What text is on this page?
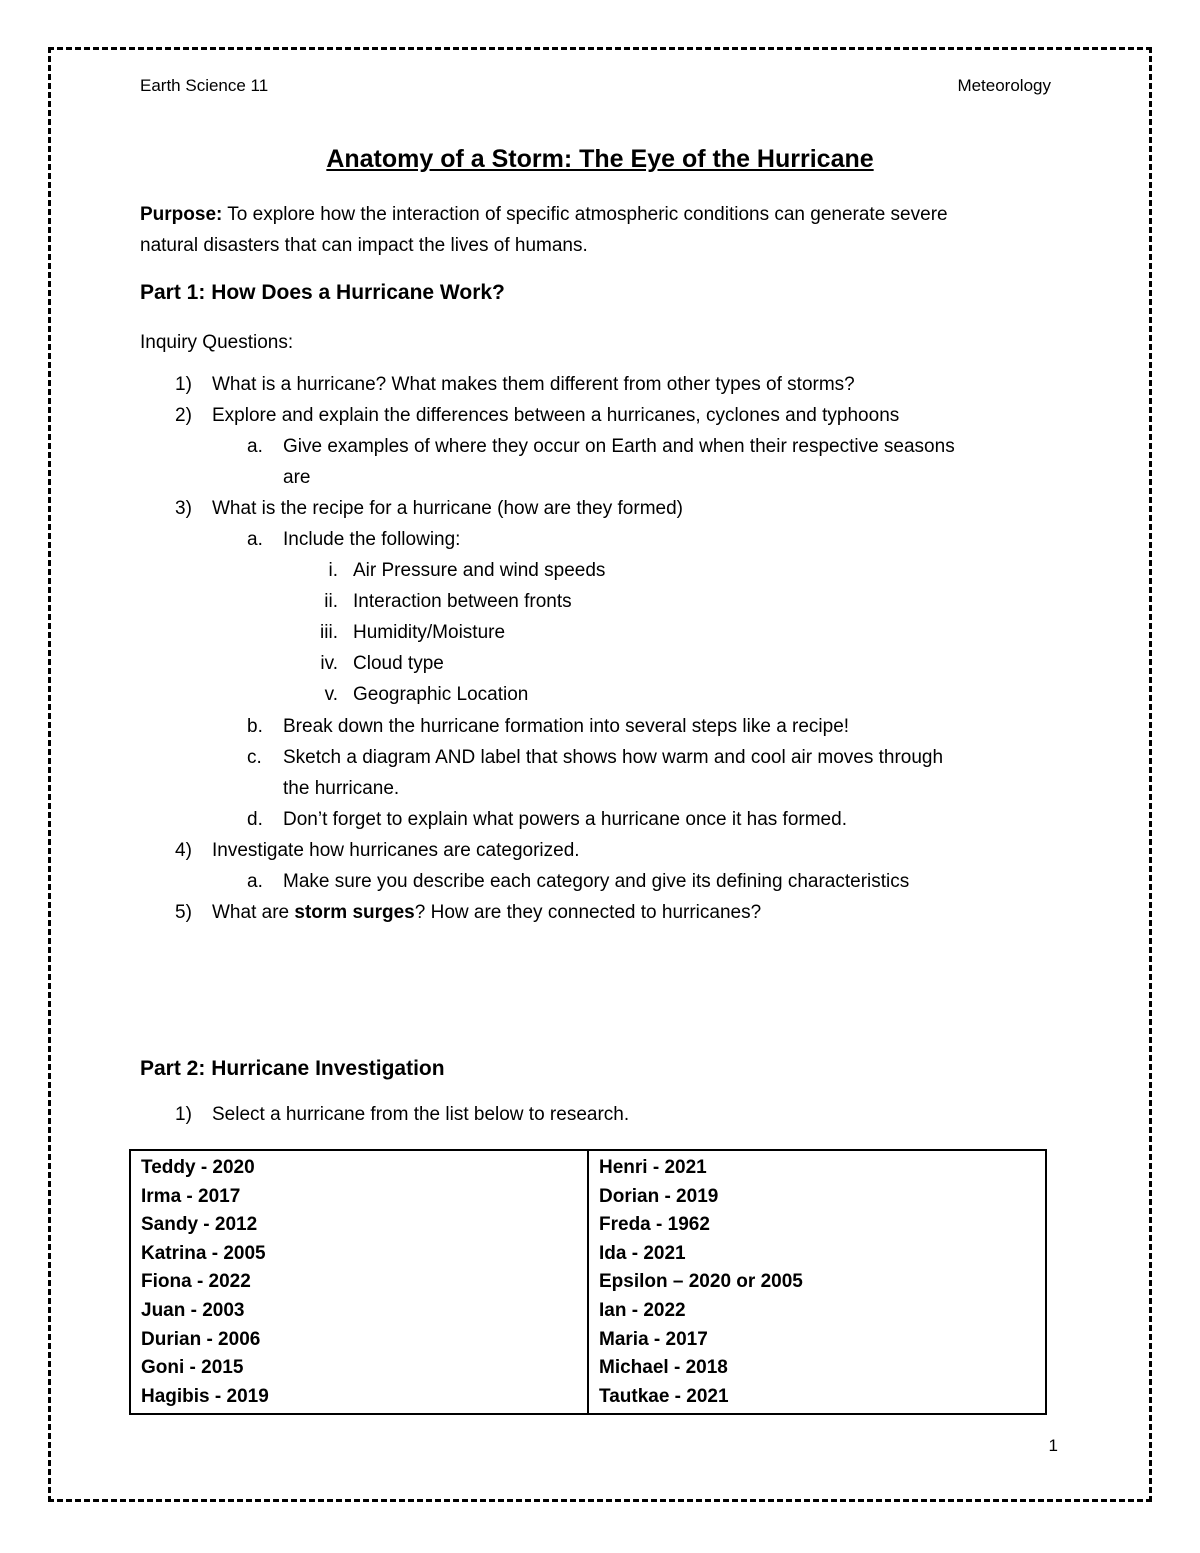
Earth Science 11	Meteorology
Anatomy of a Storm: The Eye of the Hurricane
Purpose: To explore how the interaction of specific atmospheric conditions can generate severe
natural disasters that can impact the lives of humans.
Part 1: How Does a Hurricane Work?
Inquiry Questions:
1) What is a hurricane? What makes them different from other types of storms?
2) Explore and explain the differences between a hurricanes, cyclones and typhoons
a. Give examples of where they occur on Earth and when their respective seasons
are
3) What is the recipe for a hurricane (how are they formed)
a. Include the following:
i. Air Pressure and wind speeds
ii. Interaction between fronts
iii. Humidity/Moisture
iv. Cloud type
v. Geographic Location
b. Break down the hurricane formation into several steps like a recipe!
c. Sketch a diagram AND label that shows how warm and cool air moves through
the hurricane.
d. Don’t forget to explain what powers a hurricane once it has formed.
4) Investigate how hurricanes are categorized.
a. Make sure you describe each category and give its defining characteristics
5) What are storm surges? How are they connected to hurricanes?
Part 2: Hurricane Investigation
1) Select a hurricane from the list below to research.
Teddy - 2020
Irma - 2017
Sandy - 2012
Katrina - 2005
Fiona - 2022
Juan - 2003
Durian - 2006
Goni - 2015
Hagibis - 2019

Henri - 2021
Dorian - 2019
Freda - 1962
Ida - 2021
Epsilon – 2020 or 2005
Ian - 2022
Maria - 2017
Michael - 2018
Tautkae - 2021
1
